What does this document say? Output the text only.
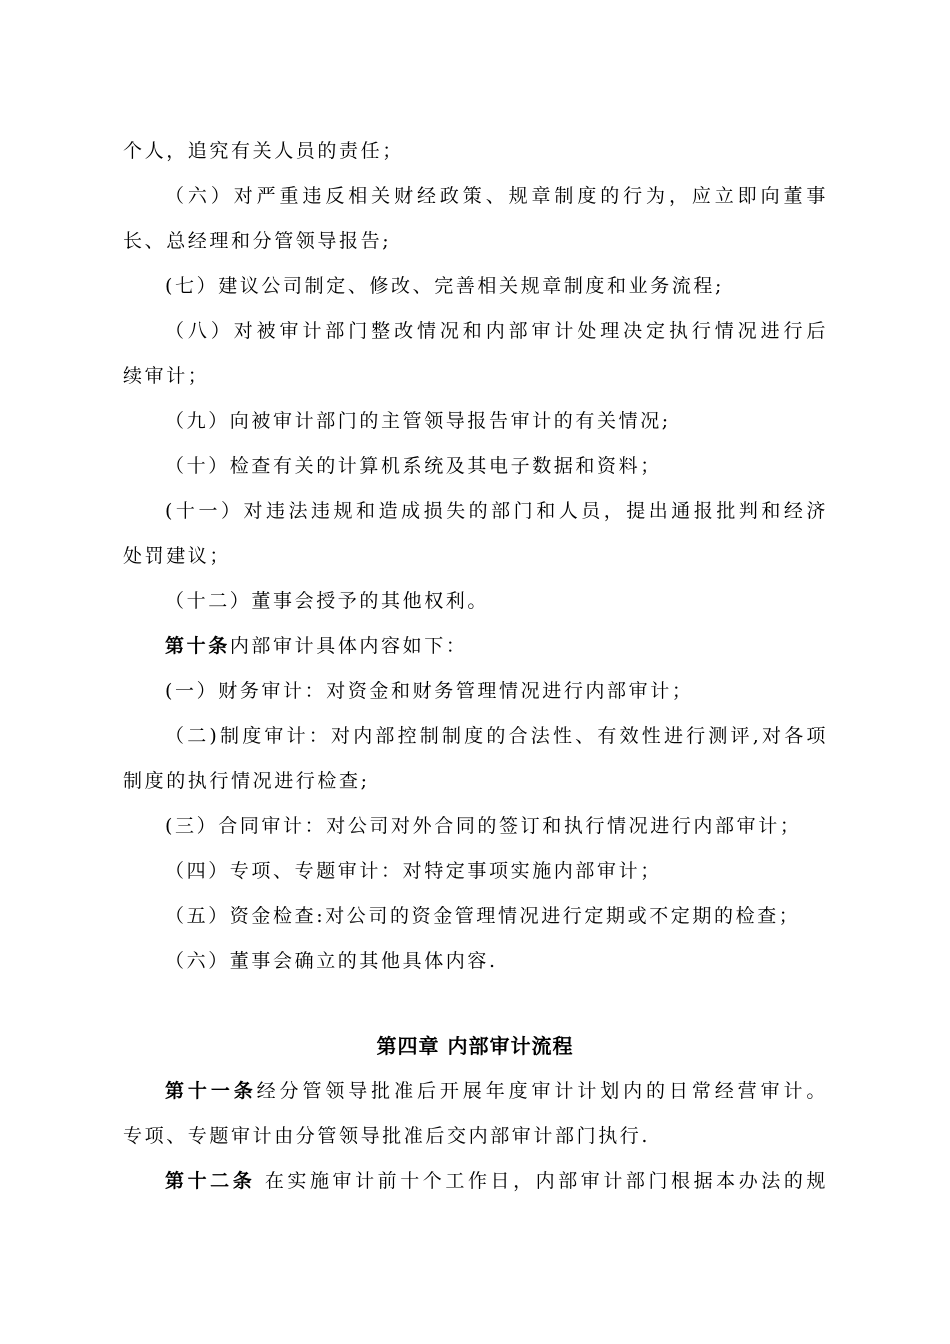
个人，追究有关人员的责任；
（六）对严重违反相关财经政策、规章制度的行为，应立即向董事
长、总经理和分管领导报告;
(七）建议公司制定、修改、完善相关规章制度和业务流程;
（八）对被审计部门整改情况和内部审计处理决定执行情况进行后
续审计；
（九）向被审计部门的主管领导报告审计的有关情况;
（十）检查有关的计算机系统及其电子数据和资料；
(十一）对违法违规和造成损失的部门和人员，提出通报批判和经济
处罚建议；
（十二）董事会授予的其他权利。
第十条内部审计具体内容如下：
(一）财务审计：对资金和财务管理情况进行内部审计；
（二)制度审计：对内部控制制度的合法性、有效性进行测评,对各项
制度的执行情况进行检查;
(三）合同审计：对公司对外合同的签订和执行情况进行内部审计；
（四）专项、专题审计：对特定事项实施内部审计；
（五）资金检查:对公司的资金管理情况进行定期或不定期的检查；
（六）董事会确立的其他具体内容.
第四章 内部审计流程
第十一条经分管领导批准后开展年度审计计划内的日常经营审计。
专项、专题审计由分管领导批准后交内部审计部门执行.
第十二条 在实施审计前十个工作日，内部审计部门根据本办法的规
